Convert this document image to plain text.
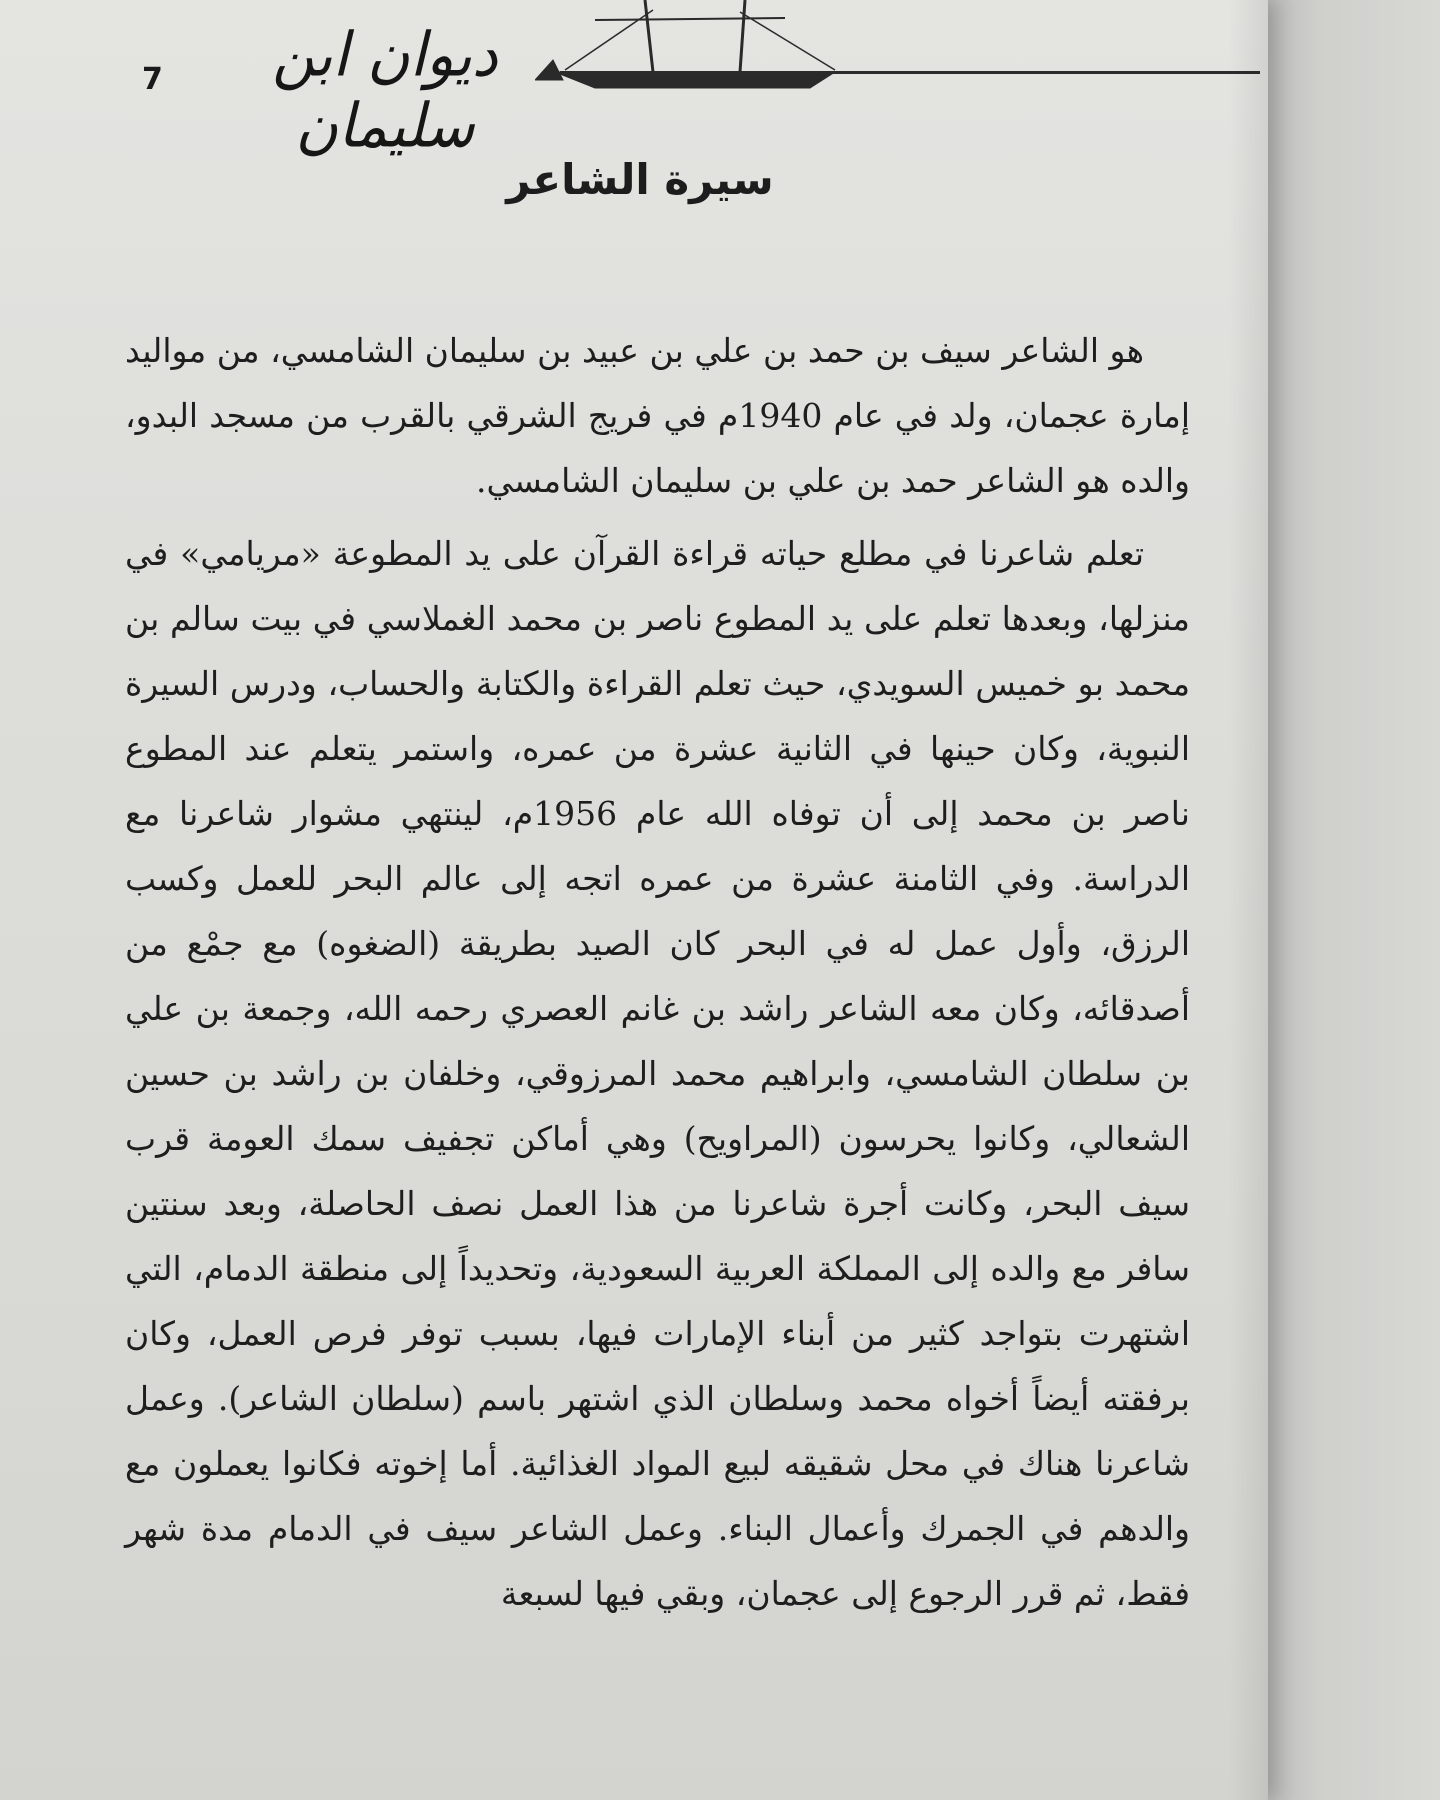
ديوان ابن سليمان
7
سيرة الشاعر

هو الشاعر سيف بن حمد بن علي بن عبيد بن سليمان الشامسي، من مواليد إمارة عجمان، ولد في عام 1940م في فريج الشرقي بالقرب من مسجد البدو، والده هو الشاعر حمد بن علي بن سليمان الشامسي.

تعلم شاعرنا في مطلع حياته قراءة القرآن على يد المطوعة «مريامي» في منزلها، وبعدها تعلم على يد المطوع ناصر بن محمد الغملاسي في بيت سالم بن محمد بو خميس السويدي، حيث تعلم القراءة والكتابة والحساب، ودرس السيرة النبوية، وكان حينها في الثانية عشرة من عمره، واستمر يتعلم عند المطوع ناصر بن محمد إلى أن توفاه الله عام 1956م، لينتهي مشوار شاعرنا مع الدراسة. وفي الثامنة عشرة من عمره اتجه إلى عالم البحر للعمل وكسب الرزق، وأول عمل له في البحر كان الصيد بطريقة (الضغوه) مع جمْع من أصدقائه، وكان معه الشاعر راشد بن غانم العصري رحمه الله، وجمعة بن علي بن سلطان الشامسي، وابراهيم محمد المرزوقي، وخلفان بن راشد بن حسين الشعالي، وكانوا يحرسون (المراويح) وهي أماكن تجفيف سمك العومة قرب سيف البحر، وكانت أجرة شاعرنا من هذا العمل نصف الحاصلة، وبعد سنتين سافر مع والده إلى المملكة العربية السعودية، وتحديداً إلى منطقة الدمام، التي اشتهرت بتواجد كثير من أبناء الإمارات فيها، بسبب توفر فرص العمل، وكان برفقته أيضاً أخواه محمد وسلطان الذي اشتهر باسم (سلطان الشاعر). وعمل شاعرنا هناك في محل شقيقه لبيع المواد الغذائية. أما إخوته فكانوا يعملون مع والدهم في الجمرك وأعمال البناء. وعمل الشاعر سيف في الدمام مدة شهر فقط، ثم قرر الرجوع إلى عجمان، وبقي فيها لسبعة
